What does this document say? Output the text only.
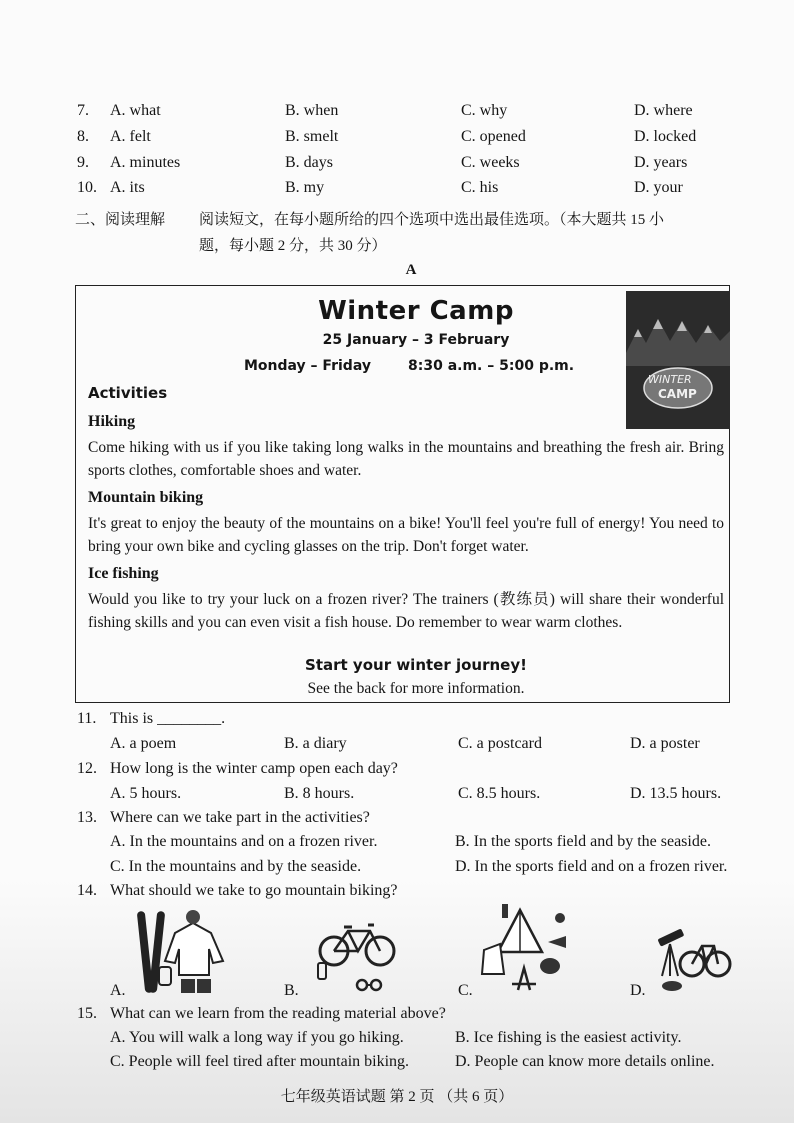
7. A. what	B. when	C. why	D. where
8. A. felt	B. smelt	C. opened	D. locked
9. A. minutes	B. days	C. weeks	D. years
10. A. its	B. my	C. his	D. your
二、阅读理解 阅读短文，在每小题所给的四个选项中选出最佳选项。（本大题共 15 小
题，每小题 2 分，共 30 分）
A
Winter Camp
25 January – 3 February
Monday – Friday	8:30 a.m. – 5:00 p.m.
WINTER
CAMP
Activities
Hiking
Come hiking with us if you like taking long walks in the mountains and breathing the fresh air. Bring sports clothes, comfortable shoes and water.
Mountain biking
It's great to enjoy the beauty of the mountains on a bike! You'll feel you're full of energy! You need to bring your own bike and cycling glasses on the trip. Don't forget water.
Ice fishing
Would you like to try your luck on a frozen river? The trainers (教练员) will share their wonderful fishing skills and you can even visit a fish house. Do remember to wear warm clothes.
Start your winter journey!
See the back for more information.
11. This is ________.
A. a poem	B. a diary	C. a postcard	D. a poster
12. How long is the winter camp open each day?
A. 5 hours.	B. 8 hours.	C. 8.5 hours.	D. 13.5 hours.
13. Where can we take part in the activities?
A. In the mountains and on a frozen river.	B. In the sports field and by the seaside.
C. In the mountains and by the seaside.	D. In the sports field and on a frozen river.
14. What should we take to go mountain biking?
A.	B.	C.	D.
15. What can we learn from the reading material above?
A. You will walk a long way if you go hiking.	B. Ice fishing is the easiest activity.
C. People will feel tired after mountain biking.	D. People can know more details online.
七年级英语试题 第 2 页 （共 6 页）
